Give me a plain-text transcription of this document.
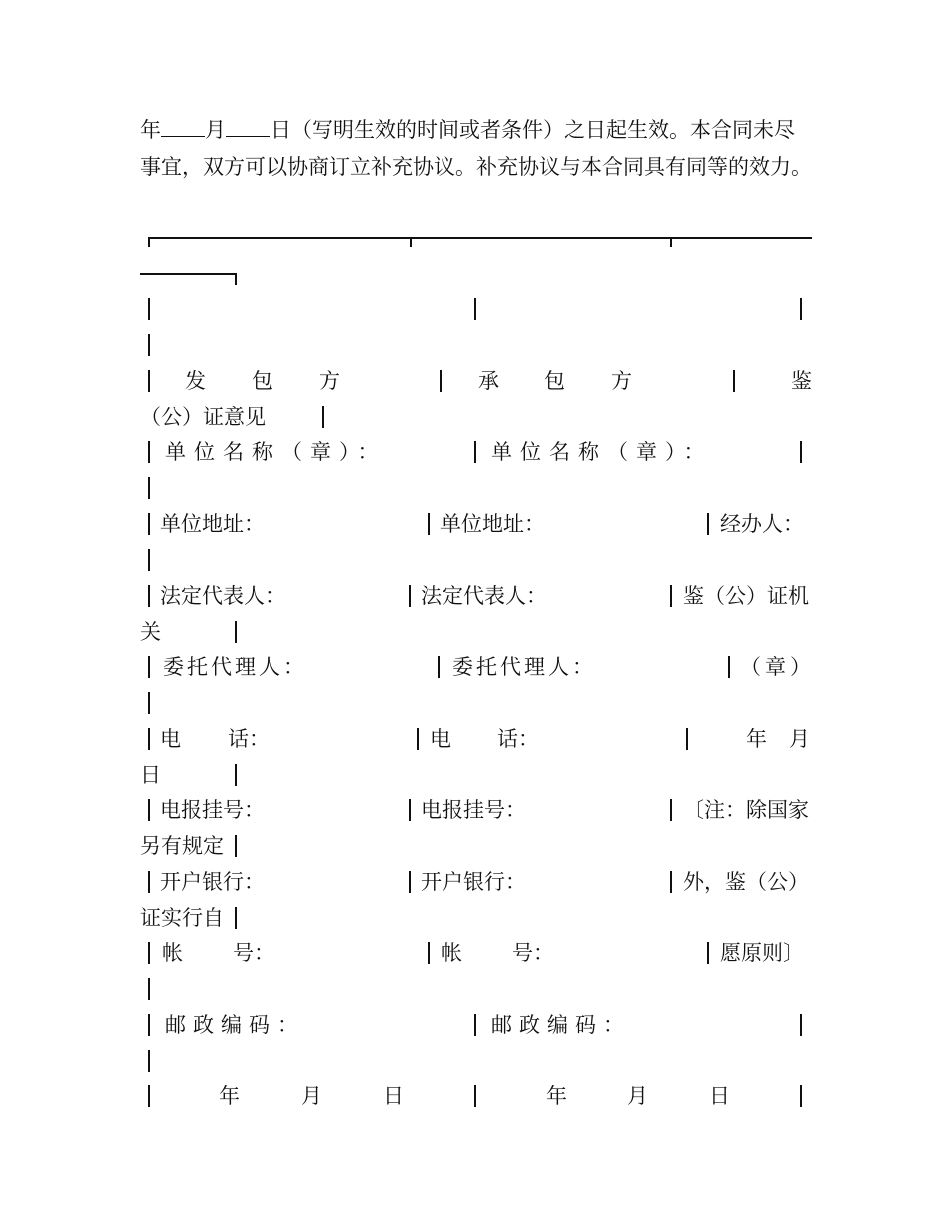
年 月 日（写明生效的时间或者条件）之日起生效。本合同未尽
事宜，双方可以协商订立补充协议。补充协议与本合同具有同等的效力。
发 包 方	承 包 方	鉴
（公）证意见
单位名称（章）：	单位名称（章）：
单位地址：	单位地址：	经办人：
法定代表人：	法定代表人：	鉴（公）证机
关
委托代理人：	委托代理人：	（章）
电 话：	电 话：	年 月
日
电报挂号：	电报挂号：	〔注：除国家
另有规定
开户银行：	开户银行：	外，鉴（公）
证实行自
帐 号：	帐 号：	愿原则〕
邮政编码：	邮政编码：
年	月	日	年	月	日
